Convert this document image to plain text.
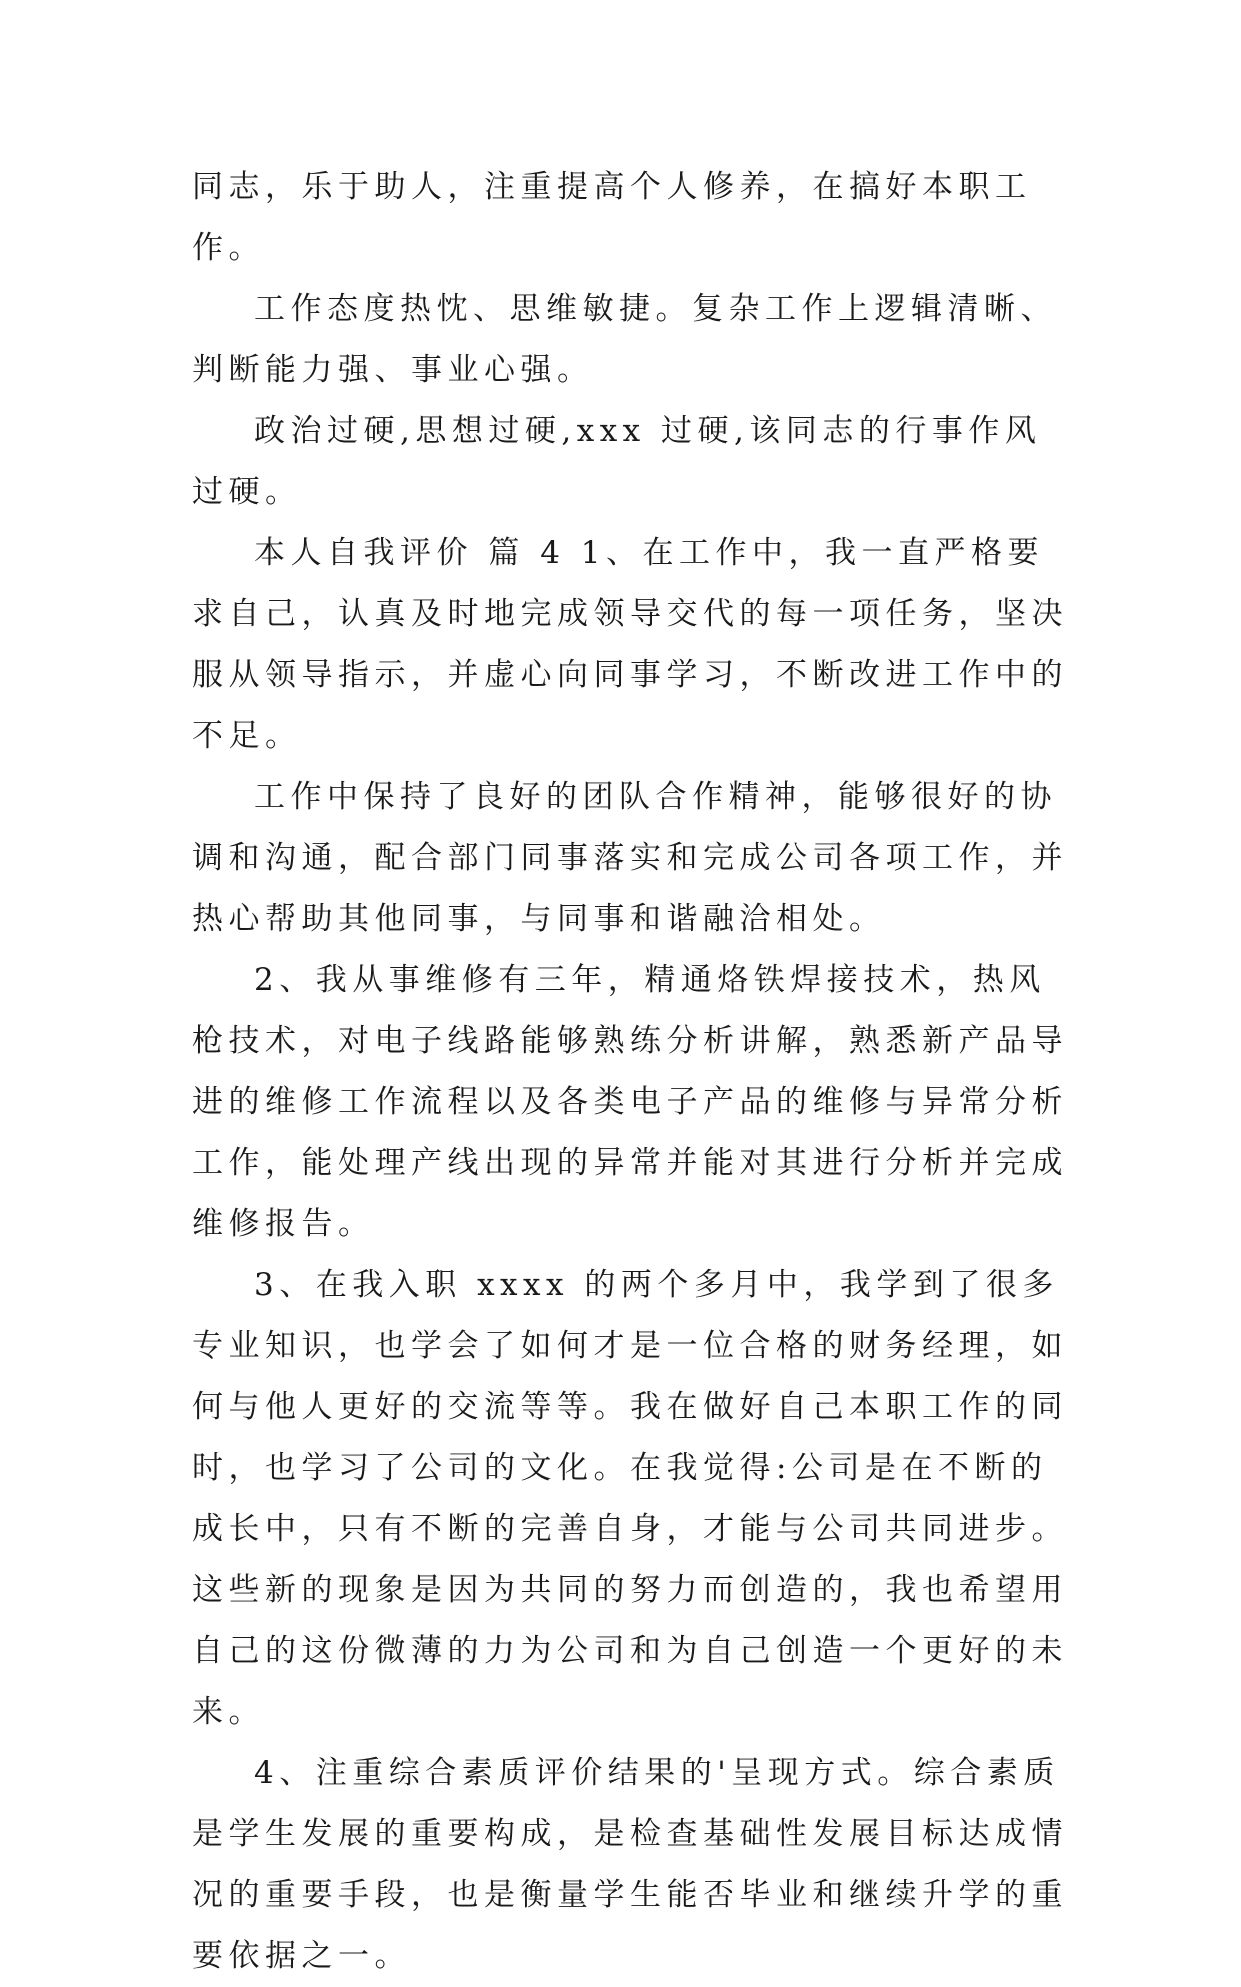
同志，乐于助人，注重提高个人修养，在搞好本职工作。

工作态度热忱、思维敏捷。复杂工作上逻辑清晰、判断能力强、事业心强。

政治过硬,思想过硬,xxx 过硬,该同志的行事作风过硬。

本人自我评价 篇 4 1、在工作中，我一直严格要求自己，认真及时地完成领导交代的每一项任务，坚决服从领导指示，并虚心向同事学习，不断改进工作中的不足。

工作中保持了良好的团队合作精神，能够很好的协调和沟通，配合部门同事落实和完成公司各项工作，并热心帮助其他同事，与同事和谐融洽相处。

2、我从事维修有三年，精通烙铁焊接技术，热风枪技术，对电子线路能够熟练分析讲解，熟悉新产品导进的维修工作流程以及各类电子产品的维修与异常分析工作，能处理产线出现的异常并能对其进行分析并完成维修报告。

3、在我入职 xxxx 的两个多月中，我学到了很多专业知识，也学会了如何才是一位合格的财务经理，如何与他人更好的交流等等。我在做好自己本职工作的同时，也学习了公司的文化。在我觉得:公司是在不断的成长中，只有不断的完善自身，才能与公司共同进步。这些新的现象是因为共同的努力而创造的，我也希望用自己的这份微薄的力为公司和为自己创造一个更好的未来。

4、注重综合素质评价结果的'呈现方式。综合素质是学生发展的重要构成，是检查基础性发展目标达成情况的重要手段，也是衡量学生能否毕业和继续升学的重要依据之一。
